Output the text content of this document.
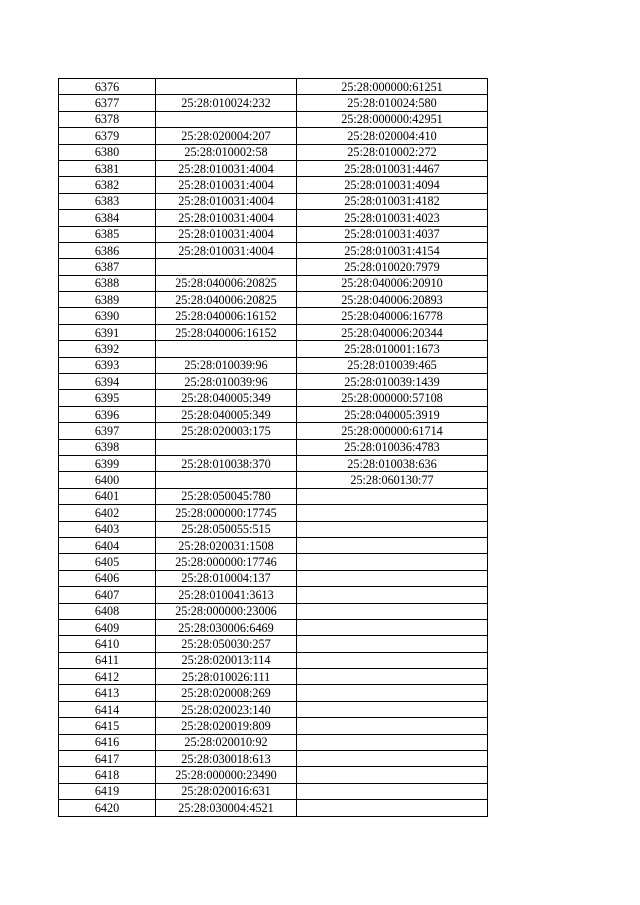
6376		25:28:000000:61251
6377	25:28:010024:232	25:28:010024:580
6378		25:28:000000:42951
6379	25:28:020004:207	25:28:020004:410
6380	25:28:010002:58	25:28:010002:272
6381	25:28:010031:4004	25:28:010031:4467
6382	25:28:010031:4004	25:28:010031:4094
6383	25:28:010031:4004	25:28:010031:4182
6384	25:28:010031:4004	25:28:010031:4023
6385	25:28:010031:4004	25:28:010031:4037
6386	25:28:010031:4004	25:28:010031:4154
6387		25:28:010020:7979
6388	25:28:040006:20825	25:28:040006:20910
6389	25:28:040006:20825	25:28:040006:20893
6390	25:28:040006:16152	25:28:040006:16778
6391	25:28:040006:16152	25:28:040006:20344
6392		25:28:010001:1673
6393	25:28:010039:96	25:28:010039:465
6394	25:28:010039:96	25:28:010039:1439
6395	25:28:040005:349	25:28:000000:57108
6396	25:28:040005:349	25:28:040005:3919
6397	25:28:020003:175	25:28:000000:61714
6398		25:28:010036:4783
6399	25:28:010038:370	25:28:010038:636
6400		25:28:060130:77
6401	25:28:050045:780	
6402	25:28:000000:17745	
6403	25:28:050055:515	
6404	25:28:020031:1508	
6405	25:28:000000:17746	
6406	25:28:010004:137	
6407	25:28:010041:3613	
6408	25:28:000000:23006	
6409	25:28:030006:6469	
6410	25:28:050030:257	
6411	25:28:020013:114	
6412	25:28:010026:111	
6413	25:28:020008:269	
6414	25:28:020023:140	
6415	25:28:020019:809	
6416	25:28:020010:92	
6417	25:28:030018:613	
6418	25:28:000000:23490	
6419	25:28:020016:631	
6420	25:28:030004:4521	
